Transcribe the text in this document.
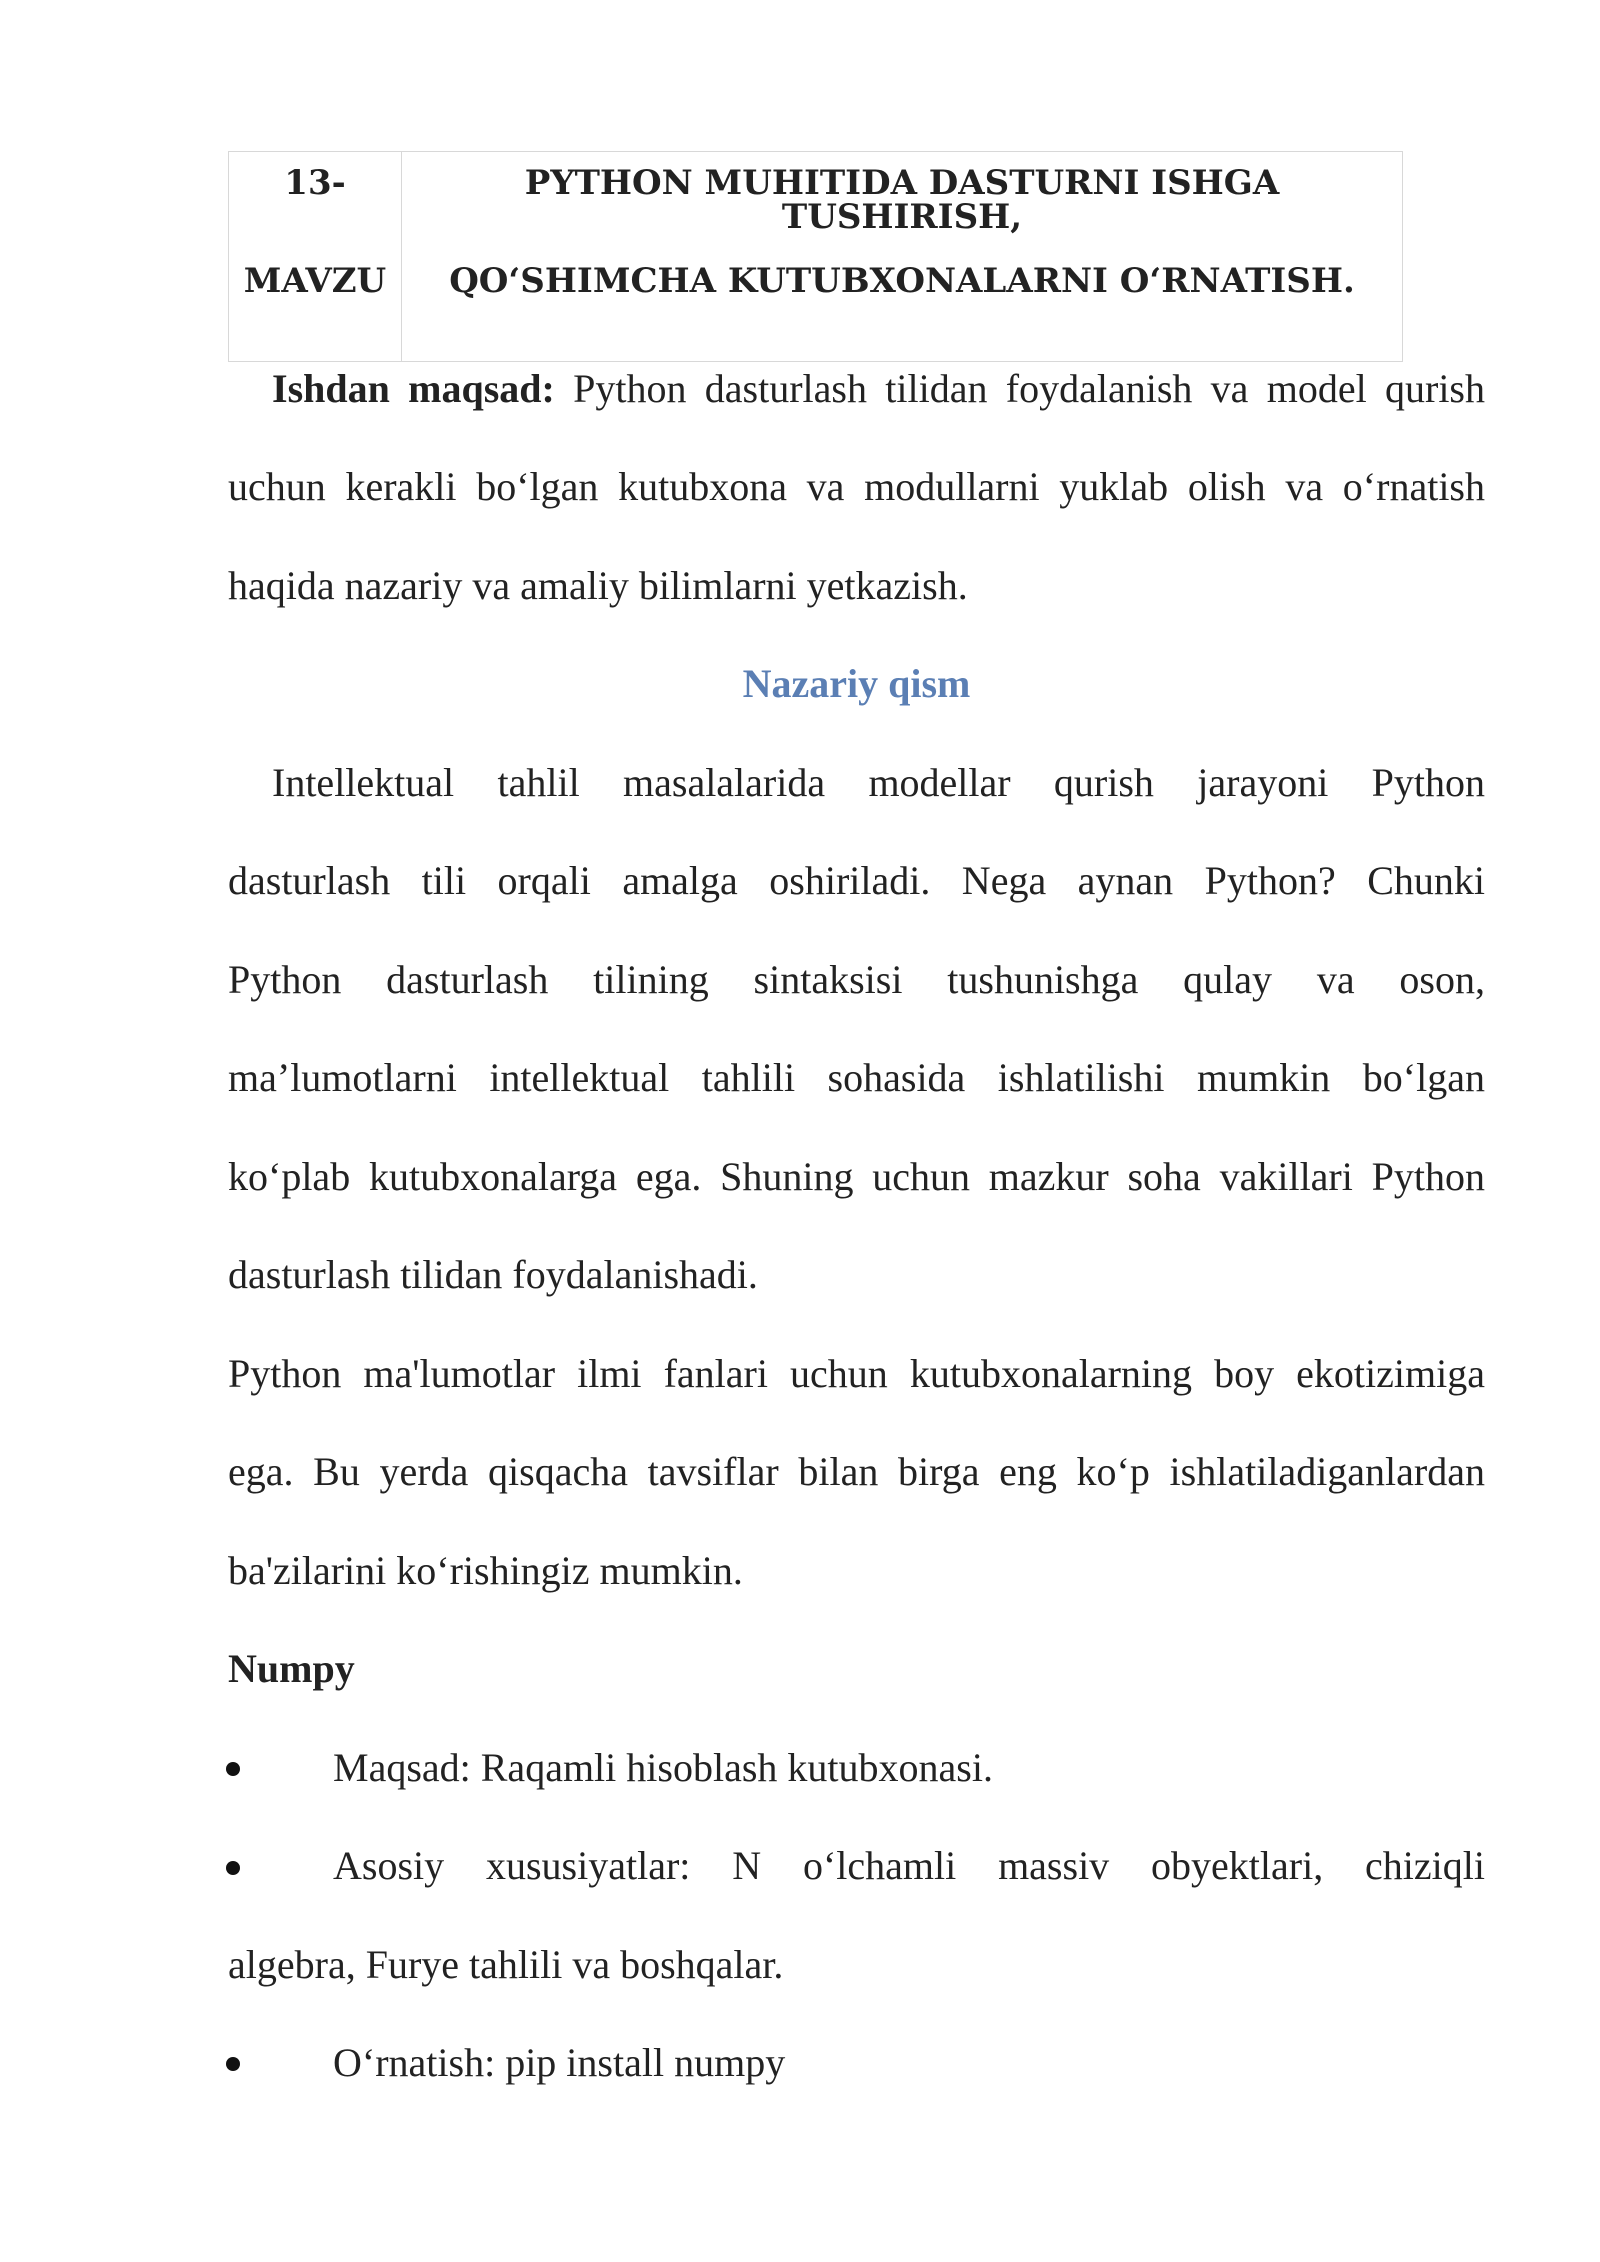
13-
MAVZU
PYTHON MUHITIDA DASTURNI ISHGA TUSHIRISH,
QO‘SHIMCHA KUTUBXONALARNI O‘RNATISH.
Ishdan maqsad: Python dasturlash tilidan foydalanish va model qurish
uchun kerakli bo‘lgan kutubxona va modullarni yuklab olish va o‘rnatish
haqida nazariy va amaliy bilimlarni yetkazish.
Nazariy qism
Intellektual tahlil masalalarida modellar qurish jarayoni Python
dasturlash tili orqali amalga oshiriladi. Nega aynan Python? Chunki
Python dasturlash tilining sintaksisi tushunishga qulay va oson,
ma’lumotlarni intellektual tahlili sohasida ishlatilishi mumkin bo‘lgan
ko‘plab kutubxonalarga ega. Shuning uchun mazkur soha vakillari Python
dasturlash tilidan foydalanishadi.
Python ma'lumotlar ilmi fanlari uchun kutubxonalarning boy ekotizimiga
ega. Bu yerda qisqacha tavsiflar bilan birga eng ko‘p ishlatiladiganlardan
ba'zilarini ko‘rishingiz mumkin.
Numpy
Maqsad: Raqamli hisoblash kutubxonasi.
Asosiy xususiyatlar: N o‘lchamli massiv obyektlari, chiziqli
algebra, Furye tahlili va boshqalar.
O‘rnatish: pip install numpy
